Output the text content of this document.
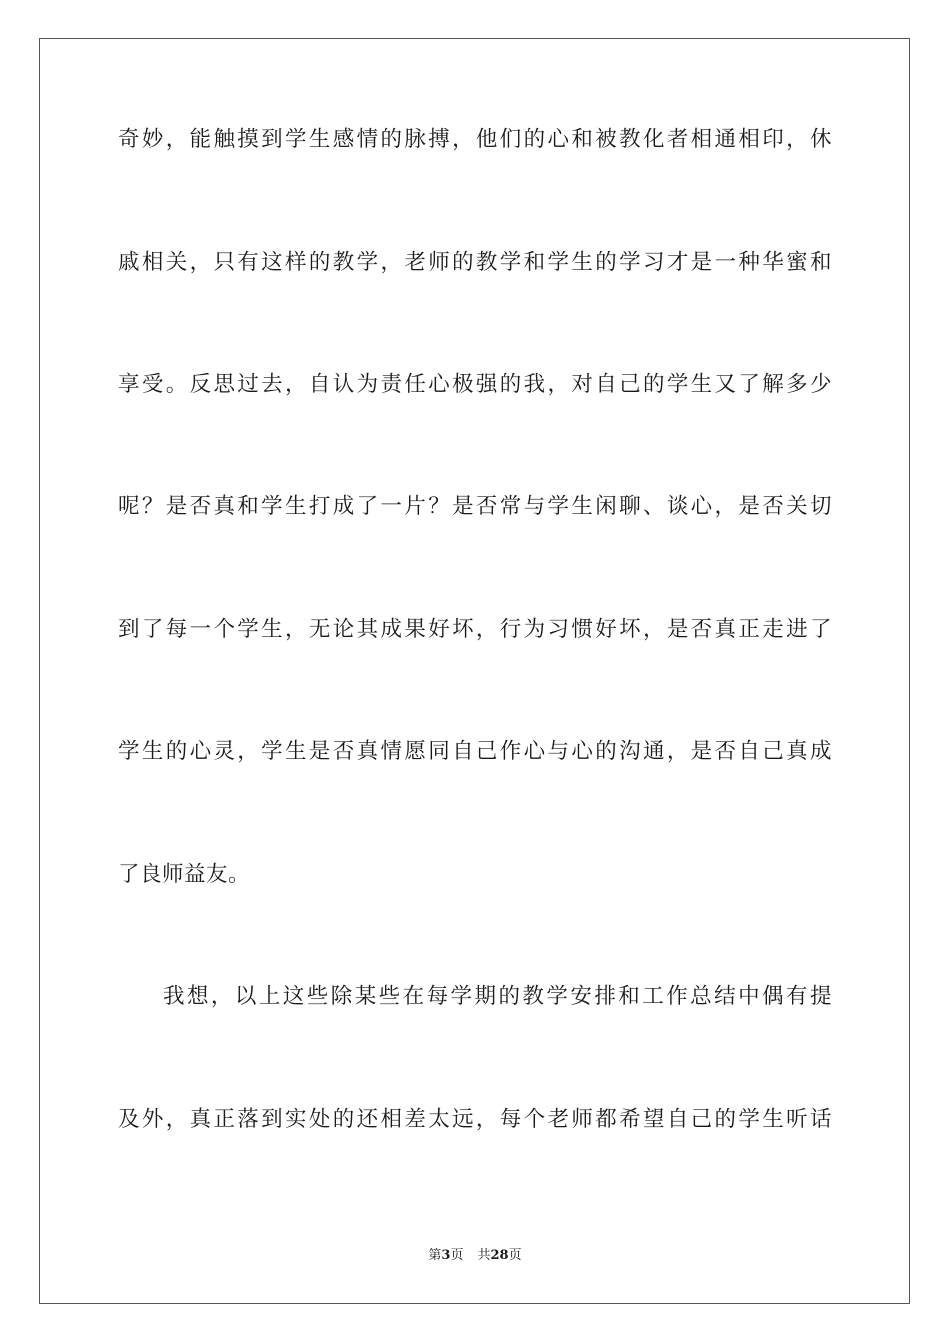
奇妙，能触摸到学生感情的脉搏，他们的心和被教化者相通相印，休
戚相关，只有这样的教学，老师的教学和学生的学习才是一种华蜜和
享受。反思过去，自认为责任心极强的我，对自己的学生又了解多少
呢？是否真和学生打成了一片？是否常与学生闲聊、谈心，是否关切
到了每一个学生，无论其成果好坏，行为习惯好坏，是否真正走进了
学生的心灵，学生是否真情愿同自己作心与心的沟通，是否自己真成
了良师益友。
我想，以上这些除某些在每学期的教学安排和工作总结中偶有提
及外，真正落到实处的还相差太远，每个老师都希望自己的学生听话
第3页 共28页
